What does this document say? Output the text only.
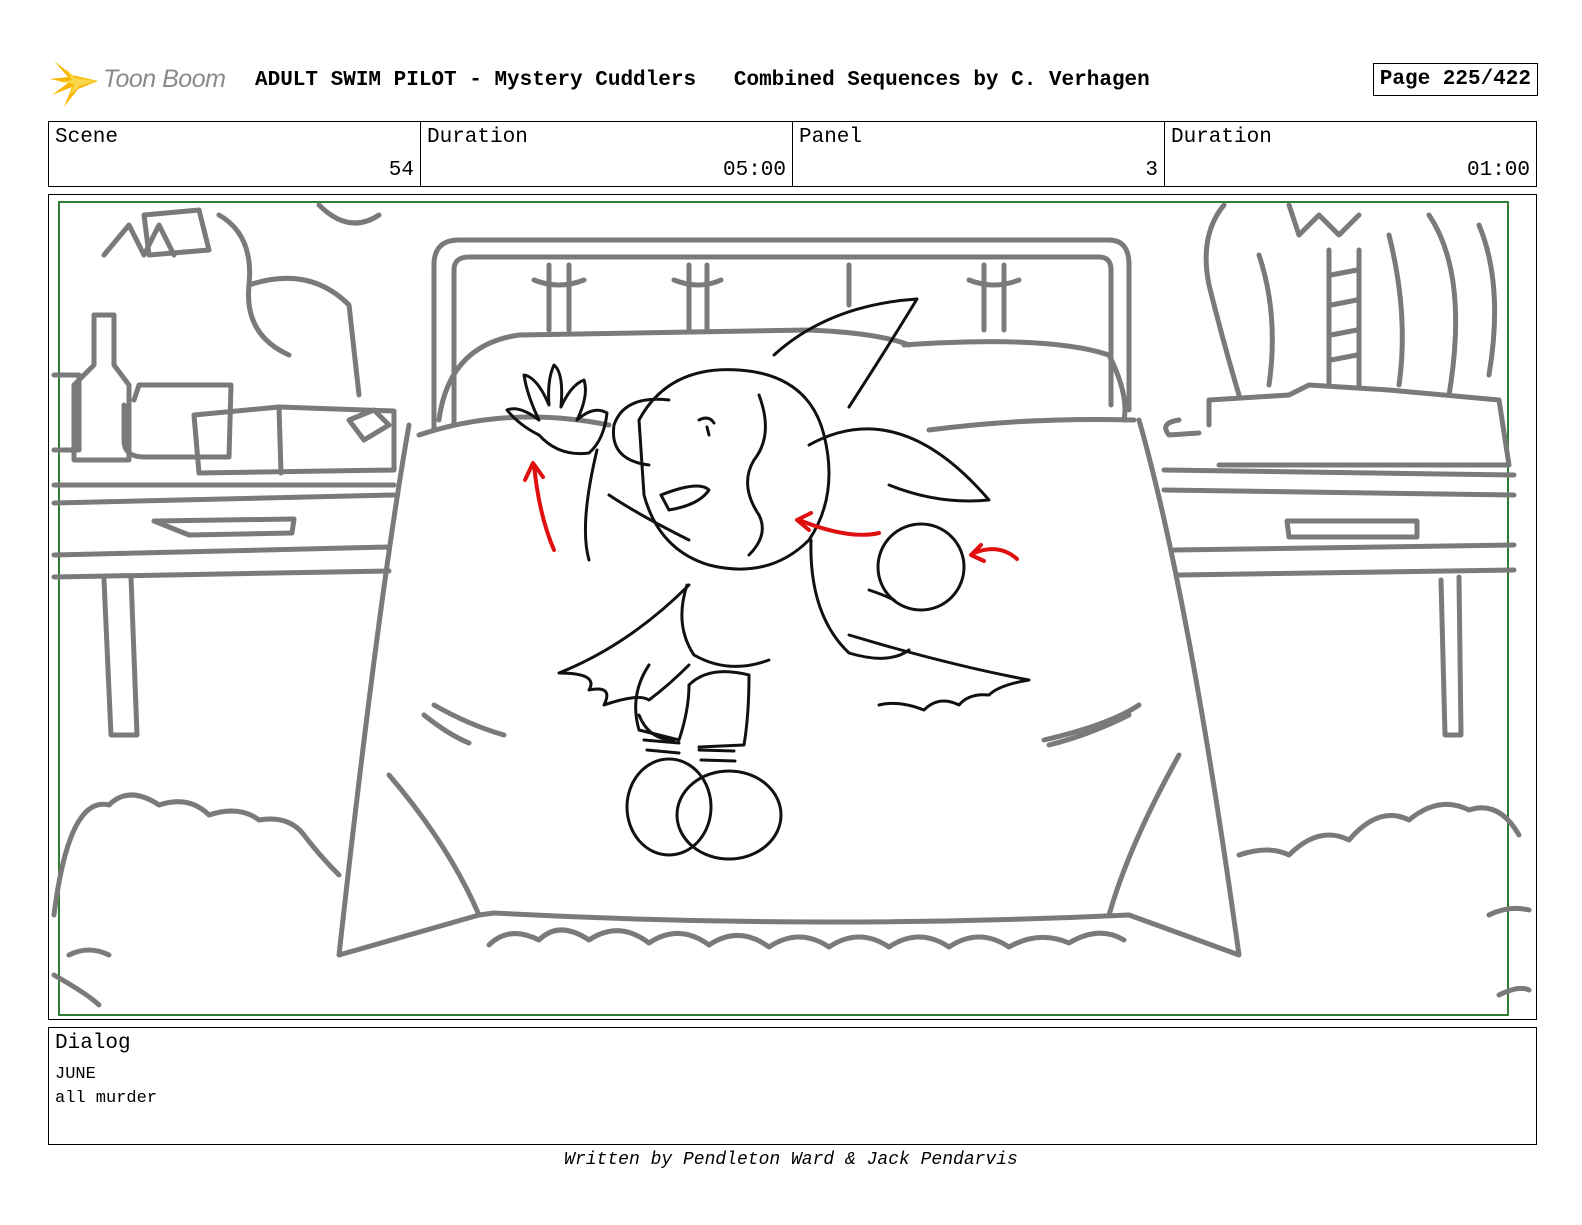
Toon Boom ADULT SWIM PILOT - Mystery Cuddlers   Combined Sequences by C. Verhagen	Page 225/422
Scene
54
Duration
05:00
Panel
3
Duration
01:00
Dialog
JUNE
all murder
Written by Pendleton Ward & Jack Pendarvis
